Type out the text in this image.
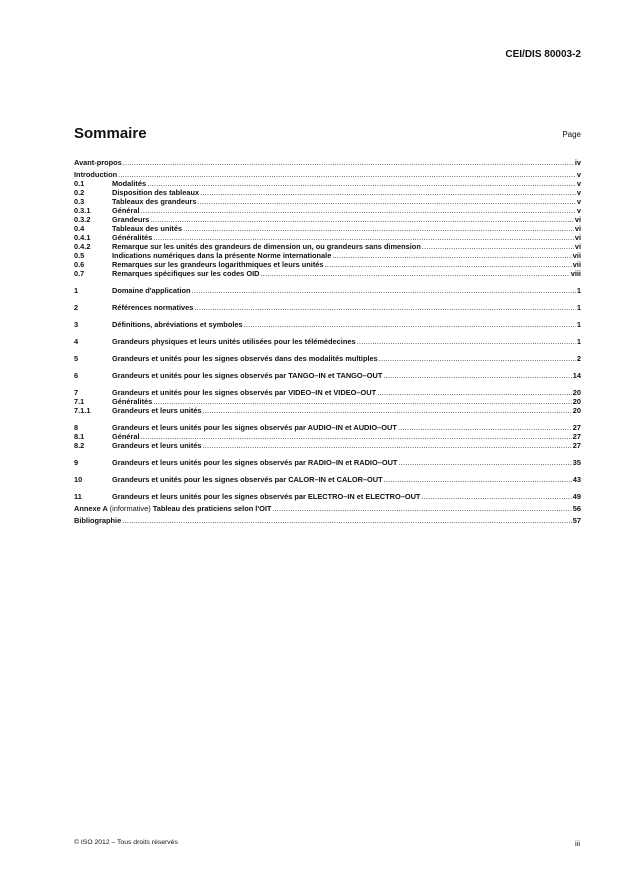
CEI/DIS 80003-2
Sommaire	Page
Avant-propos .....	iv
Introduction .....	v
0.1	Modalités .....	v
0.2	Disposition des tableaux .....	v
0.3	Tableaux des grandeurs .....	v
0.3.1	Général .....	v
0.3.2	Grandeurs .....	vi
0.4	Tableaux des unités .....	vi
0.4.1	Généralités .....	vi
0.4.2	Remarque sur les unités des grandeurs de dimension un, ou grandeurs sans dimension .....	vi
0.5	Indications numériques dans la présente Norme internationale .....	vii
0.6	Remarques sur les grandeurs logarithmiques et leurs unités .....	vii
0.7	Remarques spécifiques sur les codes OID .....	viii
1	Domaine d'application .....	1
2	Références normatives .....	1
3	Définitions, abréviations et symboles .....	1
4	Grandeurs physiques et leurs unités utilisées pour les télémédecines .....	1
5	Grandeurs et unités pour les signes observés dans des modalités multiples .....	2
6	Grandeurs et unités pour les signes observés par TANGO–IN et TANGO–OUT .....	14
7	Grandeurs et unités pour les signes observés par VIDEO–IN et VIDEO–OUT .....	20
7.1	Généralités .....	20
7.1.1	Grandeurs et leurs unités .....	20
8	Grandeurs et leurs unités pour les signes observés par AUDIO–IN et AUDIO–OUT .....	27
8.1	Général .....	27
8.2	Grandeurs et leurs unités .....	27
9	Grandeurs et leurs unités pour les signes observés par RADIO–IN et RADIO–OUT .....	35
10	Grandeurs et unités pour les signes observés par CALOR–IN et CALOR–OUT .....	43
11	Grandeurs et leurs unités pour les signes observés par ELECTRO–IN et ELECTRO–OUT .....	49
Annexe A (informative) Tableau des praticiens selon l'OIT .....	56
Bibliographie .....	57
© ISO 2012 – Tous droits réservés	iii
